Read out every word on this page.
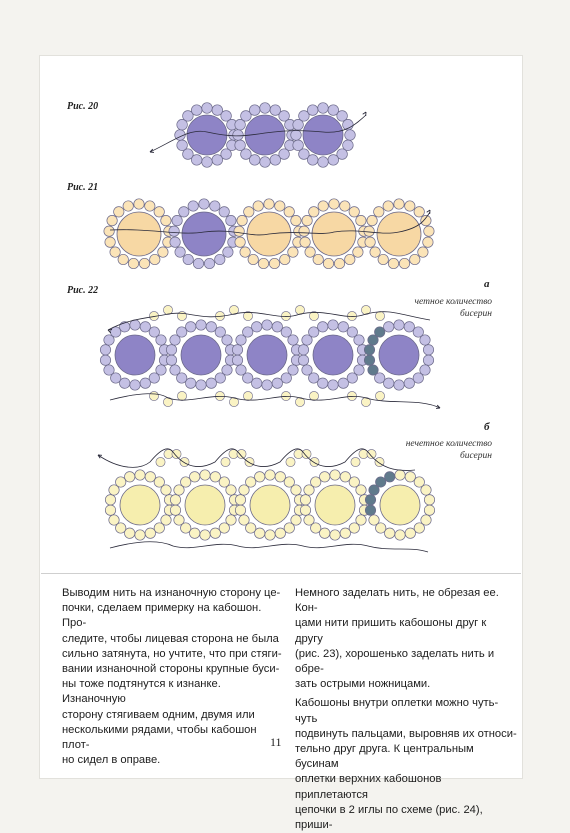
Рис. 20
Рис. 21
Рис. 22
а
четное количество
бисерин
б
нечетное количество
бисерин
Выводим нить на изнаночную сторону це-
почки, сделаем примерку на кабошон. Про-
следите, чтобы лицевая сторона не была
сильно затянута, но учтите, что при стяги-
вании изнаночной стороны крупные буси-
ны тоже подтянутся к изнанке. Изнаночную
сторону стягиваем одним, двумя или
несколькими рядами, чтобы кабошон плот-
но сидел в оправе.
Немного заделать нить, не обрезая ее. Кон-
цами нити пришить кабошоны друг к другу
(рис. 23), хорошенько заделать нить и обре-
зать острыми ножницами.
Кабошоны внутри оплетки можно чуть-чуть
подвинуть пальцами, выровняв их относи-
тельно друг друга. К центральным бусинам
оплетки верхних кабошонов приплетаются
цепочки в 2 иглы по схеме (рис. 24), приши-
11
